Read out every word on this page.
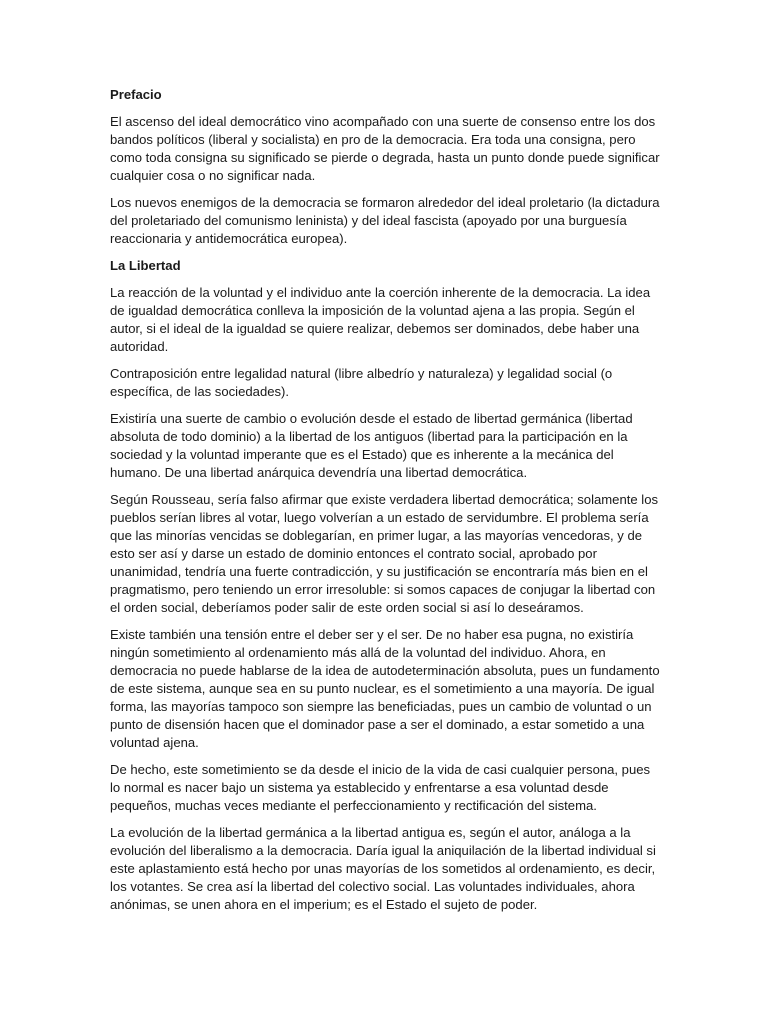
Prefacio

El ascenso del ideal democrático vino acompañado con una suerte de consenso entre los dos bandos políticos (liberal y socialista) en pro de la democracia. Era toda una consigna, pero como toda consigna su significado se pierde o degrada, hasta un punto donde puede significar cualquier cosa o no significar nada.

Los nuevos enemigos de la democracia se formaron alrededor del ideal proletario (la dictadura del proletariado del comunismo leninista) y del ideal fascista (apoyado por una burguesía reaccionaria y antidemocrática europea).

La Libertad

La reacción de la voluntad y el individuo ante la coerción inherente de la democracia. La idea de igualdad democrática conlleva la imposición de la voluntad ajena a las propia. Según el autor, si el ideal de la igualdad se quiere realizar, debemos ser dominados, debe haber una autoridad.

Contraposición entre legalidad natural (libre albedrío y naturaleza) y legalidad social (o específica, de las sociedades).

Existiría una suerte de cambio o evolución desde el estado de libertad germánica (libertad absoluta de todo dominio) a la libertad de los antiguos (libertad para la participación en la sociedad y la voluntad imperante que es el Estado) que es inherente a la mecánica del humano. De una libertad anárquica devendría una libertad democrática.

Según Rousseau, sería falso afirmar que existe verdadera libertad democrática; solamente los pueblos serían libres al votar, luego volverían a un estado de servidumbre. El problema sería que las minorías vencidas se doblegarían, en primer lugar, a las mayorías vencedoras, y de esto ser así y darse un estado de dominio entonces el contrato social, aprobado por unanimidad, tendría una fuerte contradicción, y su justificación se encontraría más bien en el pragmatismo, pero teniendo un error irresoluble: si somos capaces de conjugar la libertad con el orden social, deberíamos poder salir de este orden social si así lo deseáramos.

Existe también una tensión entre el deber ser y el ser. De no haber esa pugna, no existiría ningún sometimiento al ordenamiento más allá de la voluntad del individuo. Ahora, en democracia no puede hablarse de la idea de autodeterminación absoluta, pues un fundamento de este sistema, aunque sea en su punto nuclear, es el sometimiento a una mayoría. De igual forma, las mayorías tampoco son siempre las beneficiadas, pues un cambio de voluntad o un punto de disensión hacen que el dominador pase a ser el dominado, a estar sometido a una voluntad ajena.

De hecho, este sometimiento se da desde el inicio de la vida de casi cualquier persona, pues lo normal es nacer bajo un sistema ya establecido y enfrentarse a esa voluntad desde pequeños, muchas veces mediante el perfeccionamiento y rectificación del sistema.

La evolución de la libertad germánica a la libertad antigua es, según el autor, análoga a la evolución del liberalismo a la democracia. Daría igual la aniquilación de la libertad individual si este aplastamiento está hecho por unas mayorías de los sometidos al ordenamiento, es decir, los votantes. Se crea así la libertad del colectivo social. Las voluntades individuales, ahora anónimas, se unen ahora en el imperium; es el Estado el sujeto de poder.
